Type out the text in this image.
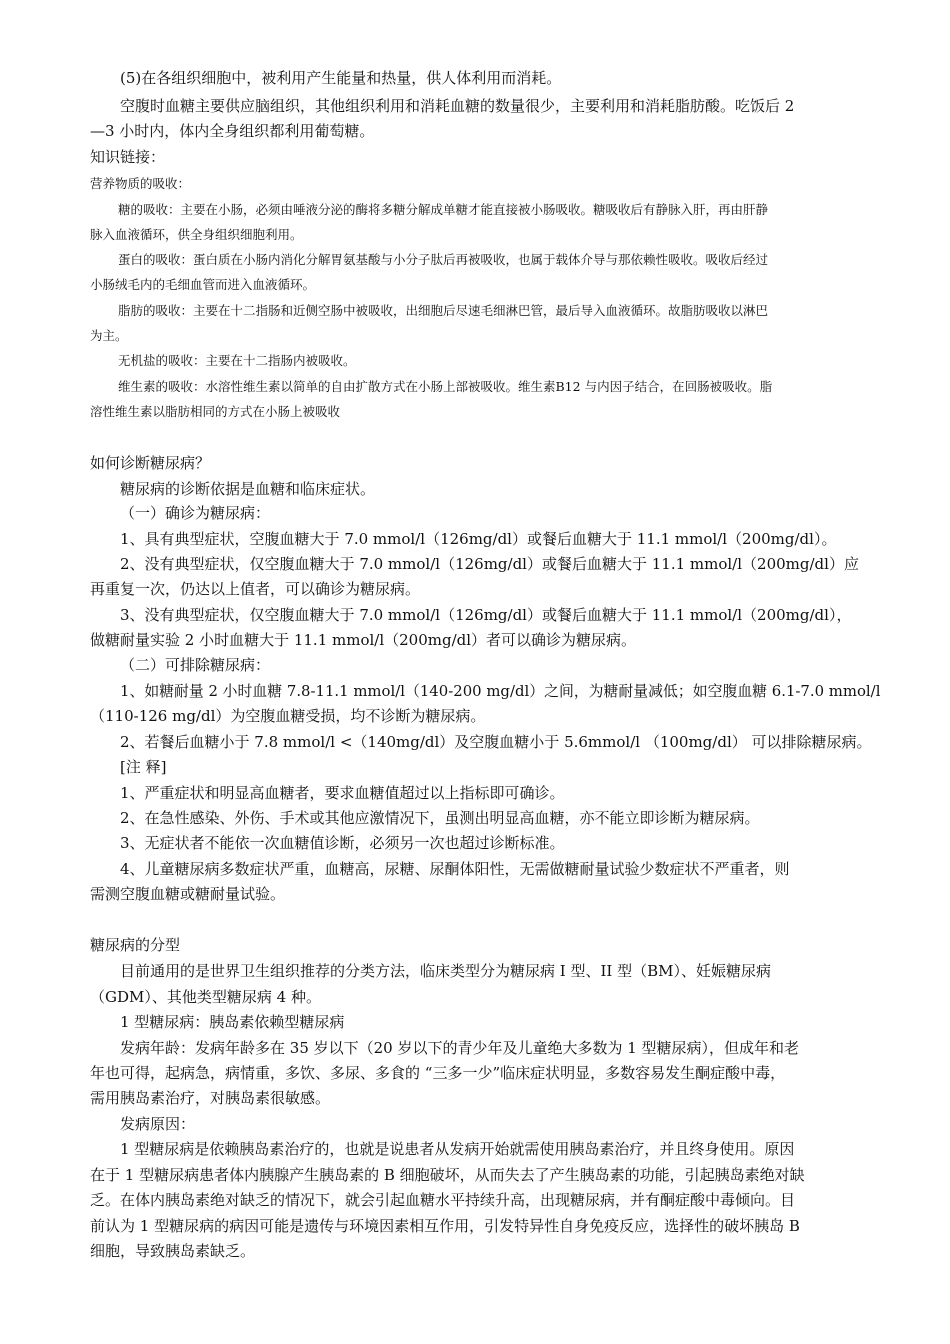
(5)在各组织细胞中，被利用产生能量和热量，供人体利用而消耗。
空腹时血糖主要供应脑组织，其他组织利用和消耗血糖的数量很少，主要利用和消耗脂肪酸。吃饭后 2
—3 小时内，体内全身组织都利用葡萄糖。
知识链接：
营养物质的吸收：
糖的吸收：主要在小肠，必须由唾液分泌的酶将多糖分解成单糖才能直接被小肠吸收。糖吸收后有静脉入肝，再由肝静
脉入血液循环，供全身组织细胞利用。
蛋白的吸收：蛋白质在小肠内消化分解胃氨基酸与小分子肽后再被吸收，也属于载体介导与那依赖性吸收。吸收后经过
小肠绒毛内的毛细血管而进入血液循环。
脂肪的吸收：主要在十二指肠和近侧空肠中被吸收，出细胞后尽速毛细淋巴管，最后导入血液循环。故脂肪吸收以淋巴
为主。
无机盐的吸收：主要在十二指肠内被吸收。
维生素的吸收：水溶性维生素以简单的自由扩散方式在小肠上部被吸收。维生素B12 与内因子结合，在回肠被吸收。脂
溶性维生素以脂肪相同的方式在小肠上被吸收
如何诊断糖尿病？
糖尿病的诊断依据是血糖和临床症状。
（一）确诊为糖尿病：
1、具有典型症状，空腹血糖大于 7.0 mmol/l（126mg/dl）或餐后血糖大于 11.1 mmol/l（200mg/dl）。
2、没有典型症状，仅空腹血糖大于 7.0 mmol/l（126mg/dl）或餐后血糖大于 11.1 mmol/l（200mg/dl）应
再重复一次，仍达以上值者，可以确诊为糖尿病。
3、没有典型症状，仅空腹血糖大于 7.0 mmol/l（126mg/dl）或餐后血糖大于 11.1 mmol/l（200mg/dl），
做糖耐量实验 2 小时血糖大于 11.1 mmol/l（200mg/dl）者可以确诊为糖尿病。
（二）可排除糖尿病：
1、如糖耐量 2 小时血糖 7.8-11.1 mmol/l（140-200 mg/dl）之间，为糖耐量减低；如空腹血糖 6.1-7.0 mmol/l
（110-126 mg/dl）为空腹血糖受损，均不诊断为糖尿病。
2、若餐后血糖小于 7.8 mmol/l <（140mg/dl）及空腹血糖小于 5.6mmol/l （100mg/dl） 可以排除糖尿病。
[注 释]
1、严重症状和明显高血糖者，要求血糖值超过以上指标即可确诊。
2、在急性感染、外伤、手术或其他应激情况下，虽测出明显高血糖，亦不能立即诊断为糖尿病。
3、无症状者不能依一次血糖值诊断，必须另一次也超过诊断标准。
4、儿童糖尿病多数症状严重，血糖高，尿糖、尿酮体阳性，无需做糖耐量试验少数症状不严重者，则
需测空腹血糖或糖耐量试验。
糖尿病的分型
目前通用的是世界卫生组织推荐的分类方法，临床类型分为糖尿病 I 型、II 型（BM）、妊娠糖尿病
（GDM）、其他类型糖尿病 4 种。
1 型糖尿病：胰岛素依赖型糖尿病
发病年龄：发病年龄多在 35 岁以下（20 岁以下的青少年及儿童绝大多数为 1 型糖尿病），但成年和老
年也可得，起病急，病情重，多饮、多尿、多食的 “三多一少”临床症状明显，多数容易发生酮症酸中毒，
需用胰岛素治疗，对胰岛素很敏感。
发病原因：
1 型糖尿病是依赖胰岛素治疗的，也就是说患者从发病开始就需使用胰岛素治疗，并且终身使用。原因
在于 1 型糖尿病患者体内胰腺产生胰岛素的 B 细胞破坏，从而失去了产生胰岛素的功能，引起胰岛素绝对缺
乏。在体内胰岛素绝对缺乏的情况下，就会引起血糖水平持续升高，出现糖尿病，并有酮症酸中毒倾向。目
前认为 1 型糖尿病的病因可能是遗传与环境因素相互作用，引发特异性自身免疫反应，选择性的破坏胰岛 B
细胞，导致胰岛素缺乏。
